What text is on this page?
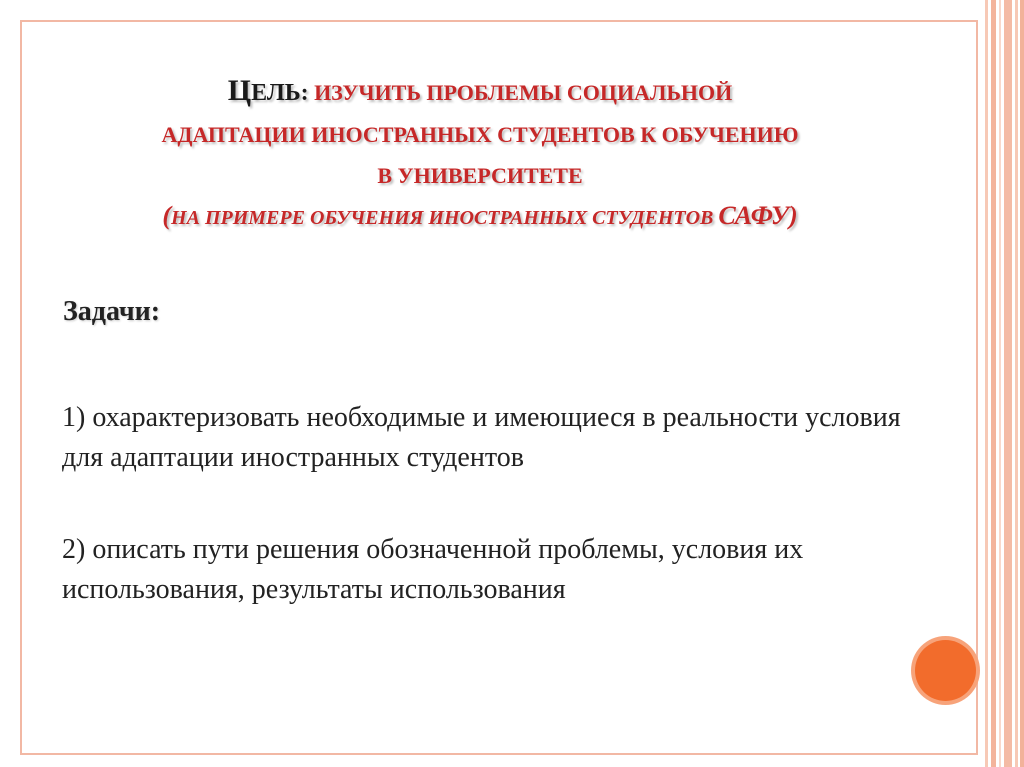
ЦЕЛЬ: ИЗУЧИТЬ ПРОБЛЕМЫ СОЦИАЛЬНОЙ
АДАПТАЦИИ ИНОСТРАННЫХ СТУДЕНТОВ К ОБУЧЕНИЮ
В УНИВЕРСИТЕТЕ
(НА ПРИМЕРЕ ОБУЧЕНИЯ ИНОСТРАННЫХ СТУДЕНТОВ САФУ)
Задачи:
1) охарактеризовать необходимые и имеющиеся в реальности условия для адаптации иностранных студентов
2) описать пути решения обозначенной проблемы, условия их использования, результаты использования
